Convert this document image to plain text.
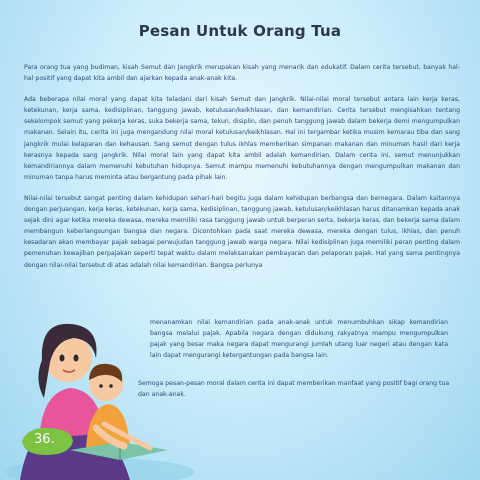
Pesan Untuk Orang Tua

Para orang tua yang budiman, kisah Semut dan Jangkrik merupakan kisah yang menarik dan edukatif. Dalam cerita tersebut, banyak hal-hal positif yang dapat kita ambil dan ajarkan kepada anak-anak kita.

Ada beberapa nilai moral yang dapat kita teladani dari kisah Semut dan Jangkrik. Nilai-nilai moral tersebut antara lain kerja keras, ketekunan, kerja sama, kedisiplinan, tanggung jawab, ketulusan/keikhlasan, dan kemandirian. Cerita tersebut mengisahkan tentang sekelompok semut yang pekerja keras, suka bekerja sama, tekun, disiplin, dan penuh tanggung jawab dalam bekerja demi mengumpulkan makanan. Selain itu, cerita ini juga mengandung nilai moral ketulusan/keikhlasan. Hal ini tergambar ketika musim kemarau tiba dan sang jangkrik mulai kelaparan dan kehausan. Sang semut dengan tulus ikhlas memberikan simpanan makanan dan minuman hasil dari kerja kerasnya kepada sang jangkrik. Nilai moral lain yang dapat kita ambil adalah kemandirian. Dalam cerita ini, semut menunjukkan kemandiriannya dalam memenuhi kebutuhan hidupnya. Semut mampu memenuhi kebutuhannya dengan mengumpulkan makanan dan minuman tanpa harus meminta atau bergantung pada pihak lain.

Nilai-nilai tersebut sangat penting dalam kehidupan sehari-hari begitu juga dalam kehidupan berbangsa dan bernegara. Dalam kaitannya dengan perjuangan, kerja keras, ketekunan, kerja sama, kedisiplinan, tanggung jawab, ketulusan/keikhlasan harus ditanamkan kepada anak sejak dini agar ketika mereka dewasa, mereka memiliki rasa tanggung jawab untuk berperan serta, bekerja keras, dan bekerja sama dalam membangun keberlangsungan bangsa dan negara. Dicontohkan pada saat mereka dewasa, mereka dengan tulus, ikhlas, dan penuh kesadaran akan membayar pajak sebagai perwujudan tanggung jawab warga negara. Nilai kedisiplinan juga memiliki peran penting dalam pemenuhan kewajiban perpajakan seperti tepat waktu dalam melaksanakan pembayaran dan pelaporan pajak. Hal yang sama pentingnya dengan nilai-nilai tersebut di atas adalah nilai kemandirian. Bangsa perlunya

menanamkan nilai kemandirian pada anak-anak untuk menumbuhkan sikap kemandirian bangsa melalui pajak. Apabila negara dengan didukung rakyatnya mampu mengumpulkan pajak yang besar maka negara dapat mengurangi jumlah utang luar negeri atau dengan kata lain dapat mengurangi ketergantungan pada bangsa lain.
Semoga pesan-pesan moral dalam cerita ini dapat memberikan manfaat yang positif bagi orang tua dan anak-anak.
36.
